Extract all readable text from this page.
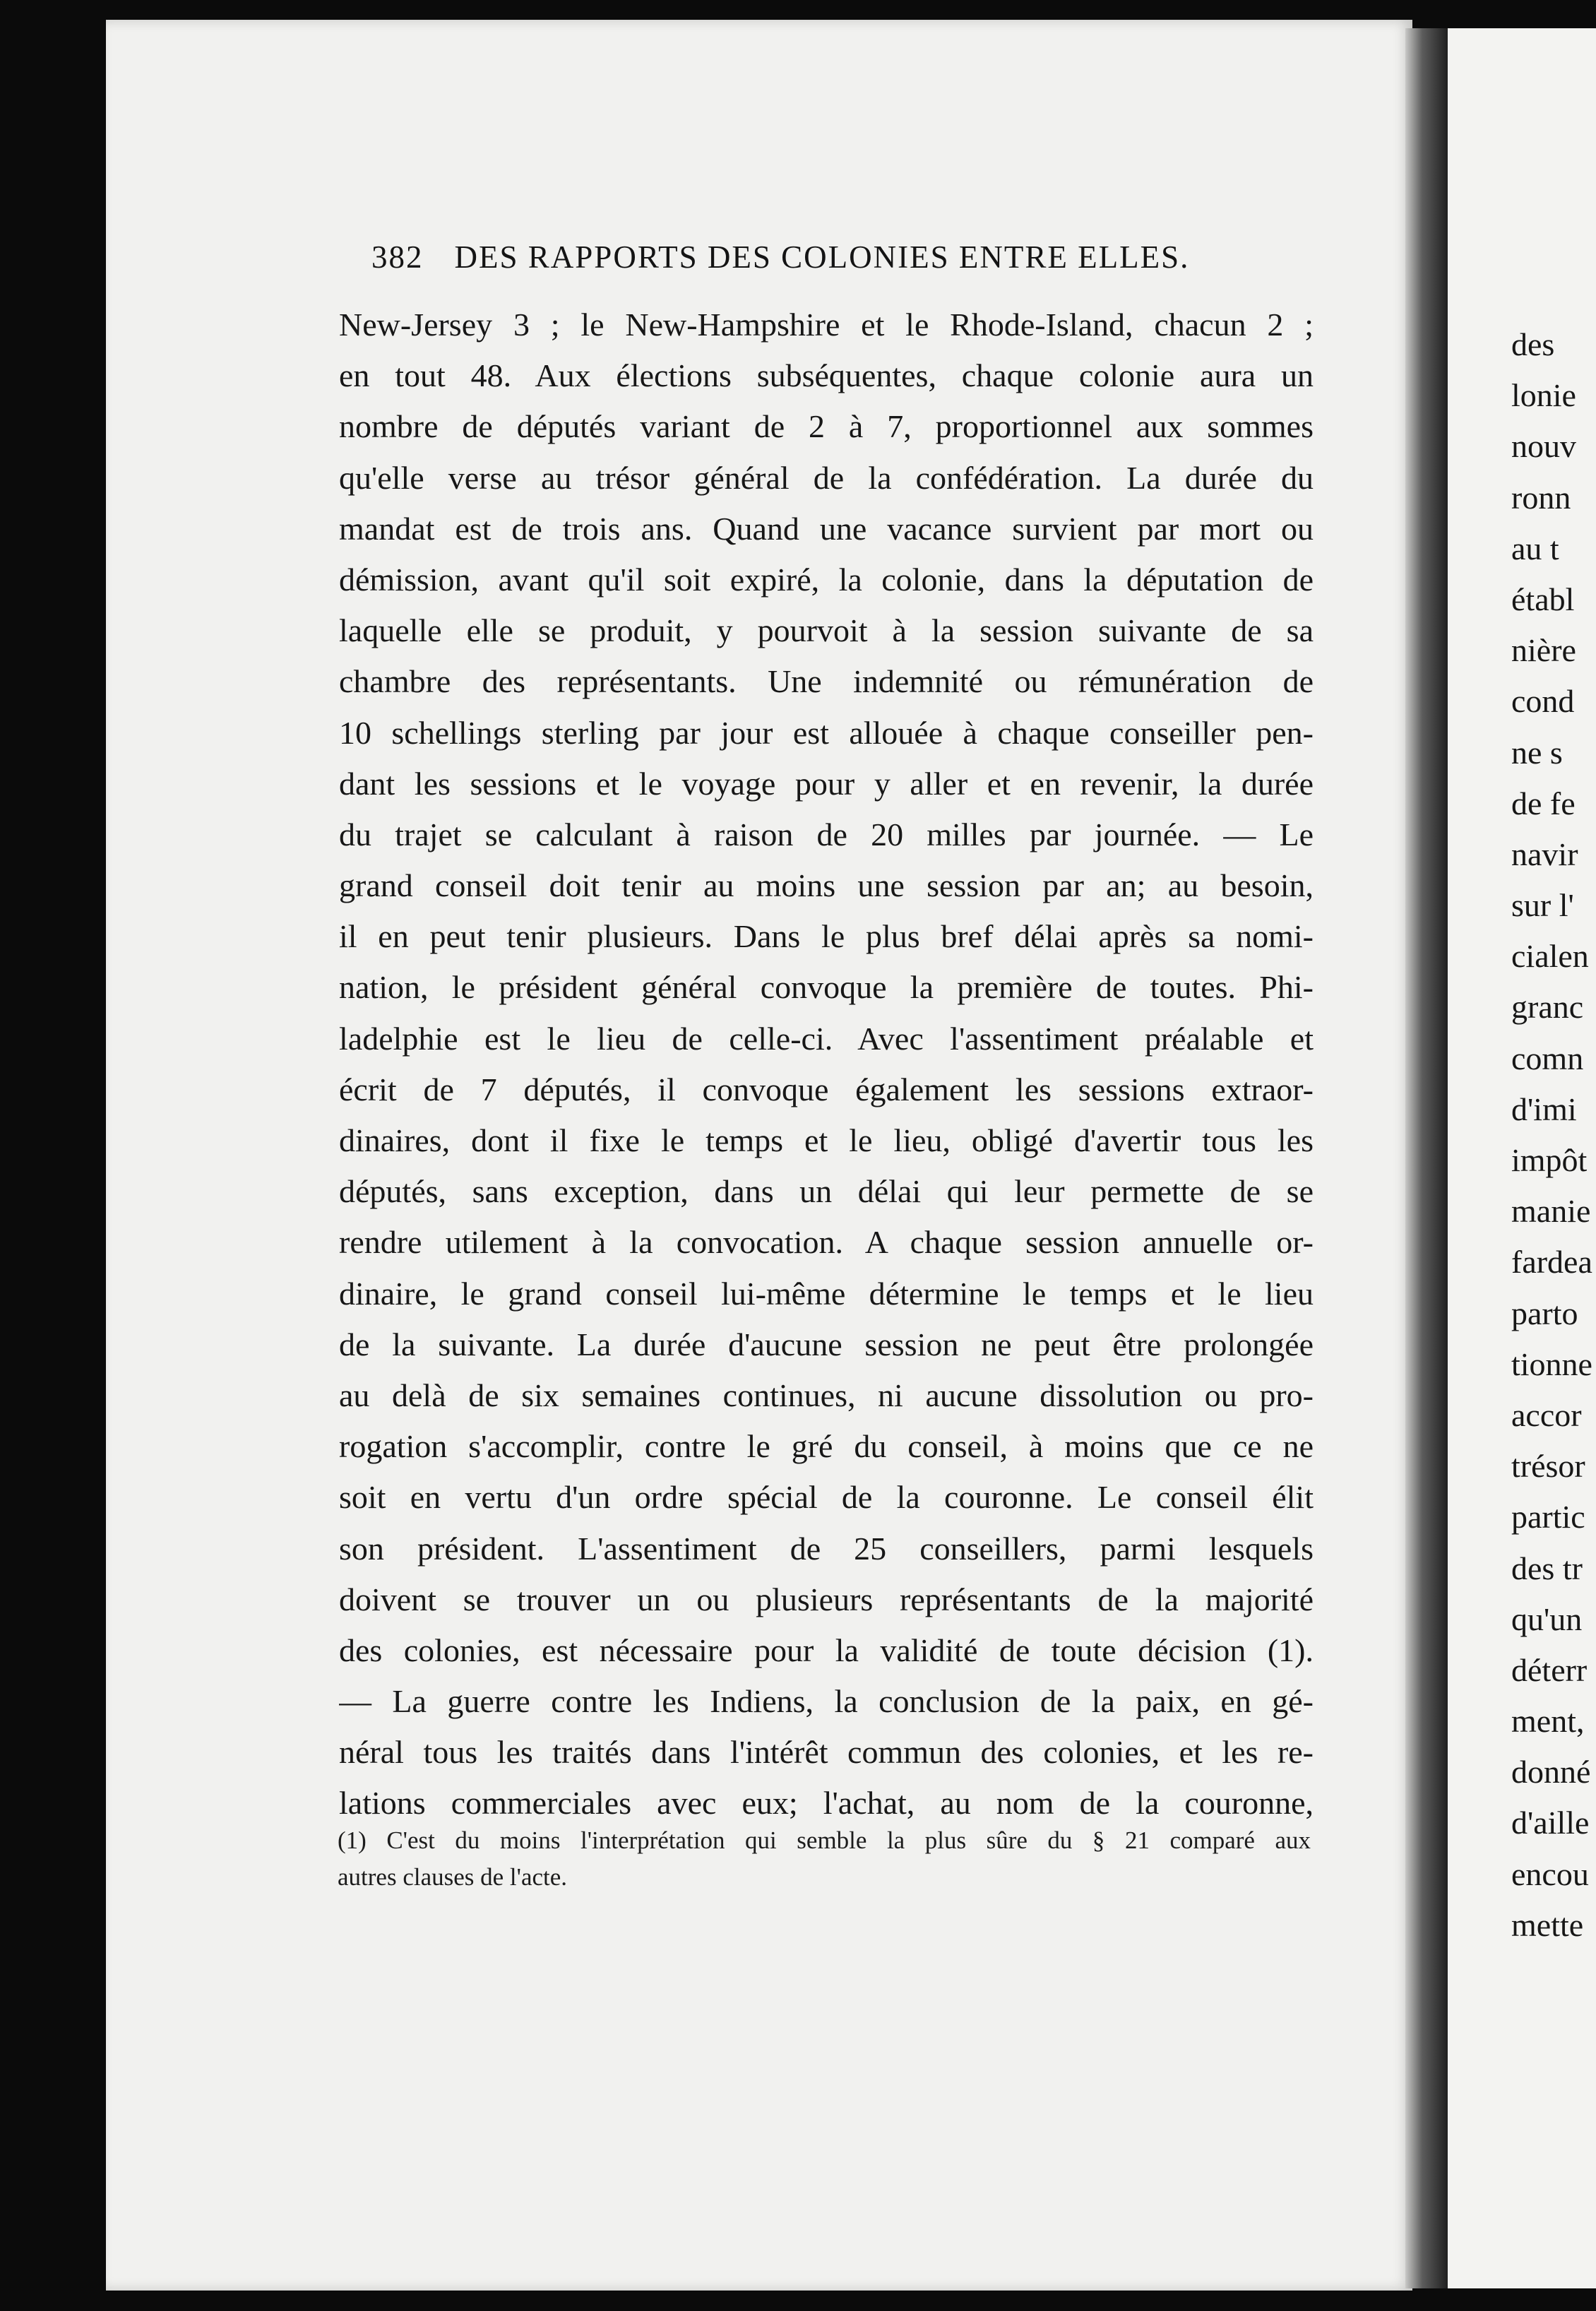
des
lonie
nouv
ronn
au t
établ
nière
cond
ne s
de fe
navir
sur l'
cialen
granc
comn
d'imi
impôt
manie
fardea
parto
tionne
accor
trésor
partic
des tr
qu'un
déterr
ment,
donné
d'aille
encou
mette
382 DES RAPPORTS DES COLONIES ENTRE ELLES.
New-Jersey 3 ; le New-Hampshire et le Rhode-Island, chacun 2 ;
en tout 48. Aux élections subséquentes, chaque colonie aura un
nombre de députés variant de 2 à 7, proportionnel aux sommes
qu'elle verse au trésor général de la confédération. La durée du
mandat est de trois ans. Quand une vacance survient par mort ou
démission, avant qu'il soit expiré, la colonie, dans la députation de
laquelle elle se produit, y pourvoit à la session suivante de sa
chambre des représentants. Une indemnité ou rémunération de
10 schellings sterling par jour est allouée à chaque conseiller pen-
dant les sessions et le voyage pour y aller et en revenir, la durée
du trajet se calculant à raison de 20 milles par journée. — Le
grand conseil doit tenir au moins une session par an; au besoin,
il en peut tenir plusieurs. Dans le plus bref délai après sa nomi-
nation, le président général convoque la première de toutes. Phi-
ladelphie est le lieu de celle-ci. Avec l'assentiment préalable et
écrit de 7 députés, il convoque également les sessions extraor-
dinaires, dont il fixe le temps et le lieu, obligé d'avertir tous les
députés, sans exception, dans un délai qui leur permette de se
rendre utilement à la convocation. A chaque session annuelle or-
dinaire, le grand conseil lui-même détermine le temps et le lieu
de la suivante. La durée d'aucune session ne peut être prolongée
au delà de six semaines continues, ni aucune dissolution ou pro-
rogation s'accomplir, contre le gré du conseil, à moins que ce ne
soit en vertu d'un ordre spécial de la couronne. Le conseil élit
son président. L'assentiment de 25 conseillers, parmi lesquels
doivent se trouver un ou plusieurs représentants de la majorité
des colonies, est nécessaire pour la validité de toute décision (1).
— La guerre contre les Indiens, la conclusion de la paix, en gé-
néral tous les traités dans l'intérêt commun des colonies, et les re-
lations commerciales avec eux; l'achat, au nom de la couronne,
(1) C'est du moins l'interprétation qui semble la plus sûre du § 21 comparé aux
autres clauses de l'acte.
